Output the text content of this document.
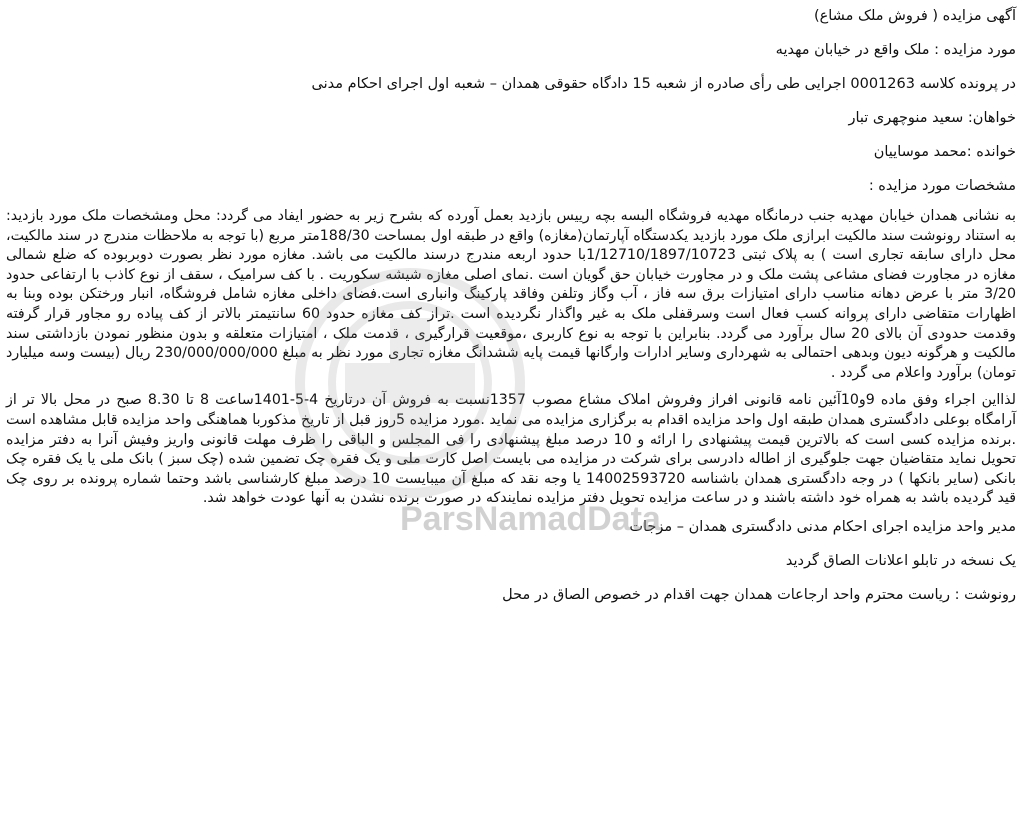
آگهی مزایده ( فروش ملک مشاع)
مورد مزایده : ملک واقع در خیابان مهدیه
در پرونده کلاسه 0001263 اجرایی طی رأی صادره از شعبه 15 دادگاه حقوقی همدان – شعبه اول اجرای احکام مدنی
خواهان: سعید منوچهری تبار
خوانده :محمد موساییان
مشخصات مورد مزایده :

به نشانی همدان خیابان مهدیه جنب درمانگاه مهدیه فروشگاه البسه بچه رییس بازدید بعمل آورده که بشرح زیر به حضور ایفاد می گردد: محل ومشخصات ملک مورد بازدید: به استناد رونوشت سند مالکیت ابرازی ملک مورد بازدید یکدستگاه آپارتمان(مغازه) واقع در طبقه اول بمساحت 188/30متر مربع (با توجه به ملاحظات مندرج در سند مالکیت، محل دارای سابقه تجاری است ) به پلاک ثبتی 1/12710/1897/10723با حدود اربعه مندرج درسند مالکیت می باشد. مغازه مورد نظر بصورت دوبربوده که ضلع شمالی مغازه در مجاورت فضای مشاعی پشت ملک و در مجاورت خیابان حق گویان است .نمای اصلی مغازه شیشه سکوریت . با کف سرامیک ، سقف از نوع کاذب با ارتفاعی حدود 3/20 متر با عرض دهانه مناسب دارای امتیازات برق سه فاز ، آب وگاز وتلفن وفاقد پارکینگ وانباری است.فضای داخلی مغازه شامل فروشگاه، انبار ورختکن بوده وبنا به اظهارات متقاضی دارای پروانه کسب فعال است وسرقفلی ملک به غیر واگذار نگردیده است .تراز کف مغازه حدود 60 سانتیمتر بالاتر از کف پیاده رو مجاور قرار گرفته وقدمت حدودی آن بالای 20 سال برآورد می گردد. بنابراین با توجه به نوع کاربری ،موقعیت قرارگیری ، قدمت ملک ، امتیازات متعلقه و بدون منظور نمودن بازداشتی سند مالکیت و هرگونه دیون وبدهی احتمالی به شهرداری وسایر ادارات وارگانها قیمت پایه ششدانگ مغازه تجاری مورد نظر به مبلغ 230/000/000/000 ریال (بیست وسه میلیارد تومان) برآورد واعلام می گردد .

لذااین اجراء وفق ماده 9و10آئین نامه قانونی افراز وفروش املاک مشاع مصوب 1357نسبت به فروش آن درتاریخ 4-5-1401ساعت 8 تا 8.30 صبح در محل بالا تر از آرامگاه بوعلی دادگستری همدان طبقه اول واحد مزایده اقدام به برگزاری مزایده می نماید .مورد مزایده 5روز قبل از تاریخ مذکوربا هماهنگی واحد مزایده قابل مشاهده است .برنده مزایده کسی است که بالاترین قیمت پیشنهادی را ارائه و 10 درصد مبلغ پیشنهادی را فی المجلس و الباقی را ظرف مهلت قانونی واریز وفیش آنرا به دفتر مزایده تحویل نماید متقاضیان جهت جلوگیری از اطاله دادرسی برای شرکت در مزایده می بایست اصل کارت ملی و یک فقره چک تضمین شده (چک سبز ) بانک ملی یا یک فقره چک بانکی (سایر بانکها ) در وجه دادگستری همدان باشناسه 14002593720 یا وجه نقد که مبلغ آن میبایست 10 درصد مبلغ کارشناسی باشد وحتما شماره پرونده بر روی چک قید گردیده باشد به همراه خود داشته باشند و در ساعت مزایده تحویل دفتر مزایده نمایندکه در صورت برنده نشدن به آنها عودت خواهد شد.

مدیر واحد مزایده اجرای احکام مدنی دادگستری همدان – مزجات
یک نسخه در تابلو اعلانات الصاق گردید
رونوشت : ریاست محترم واحد ارجاعات همدان جهت اقدام در خصوص الصاق در محل
ParsNamadData
